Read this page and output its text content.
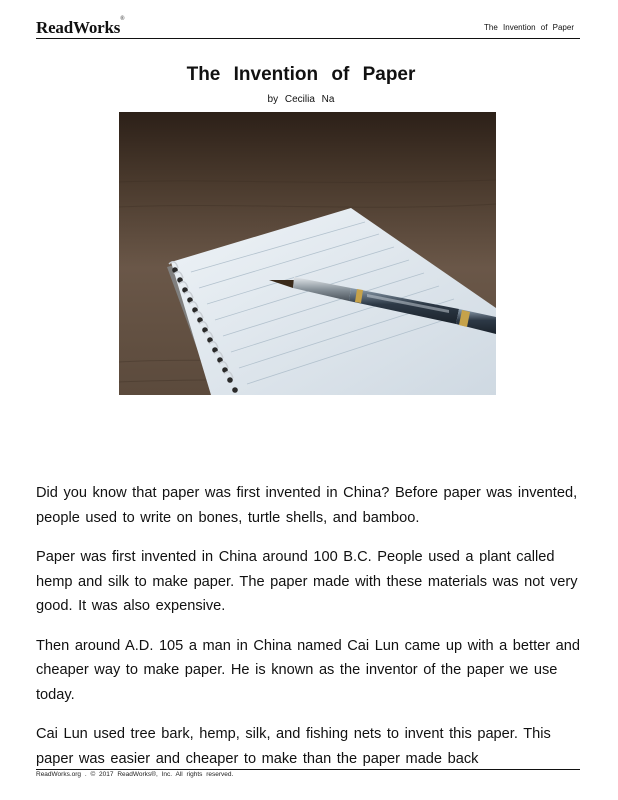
ReadWorks®
The Invention of Paper
The Invention of Paper

by Cecilia Na

Did you know that paper was first invented in China? Before paper was invented, people used to write on bones, turtle shells, and bamboo.

Paper was first invented in China around 100 B.C. People used a plant called hemp and silk to make paper. The paper made with these materials was not very good. It was also expensive.

Then around A.D. 105 a man in China named Cai Lun came up with a better and cheaper way to make paper. He is known as the inventor of the paper we use today.

Cai Lun used tree bark, hemp, silk, and fishing nets to invent this paper. This paper was easier and cheaper to make than the paper made back

ReadWorks.org . © 2017 ReadWorks®, Inc. All rights reserved.
